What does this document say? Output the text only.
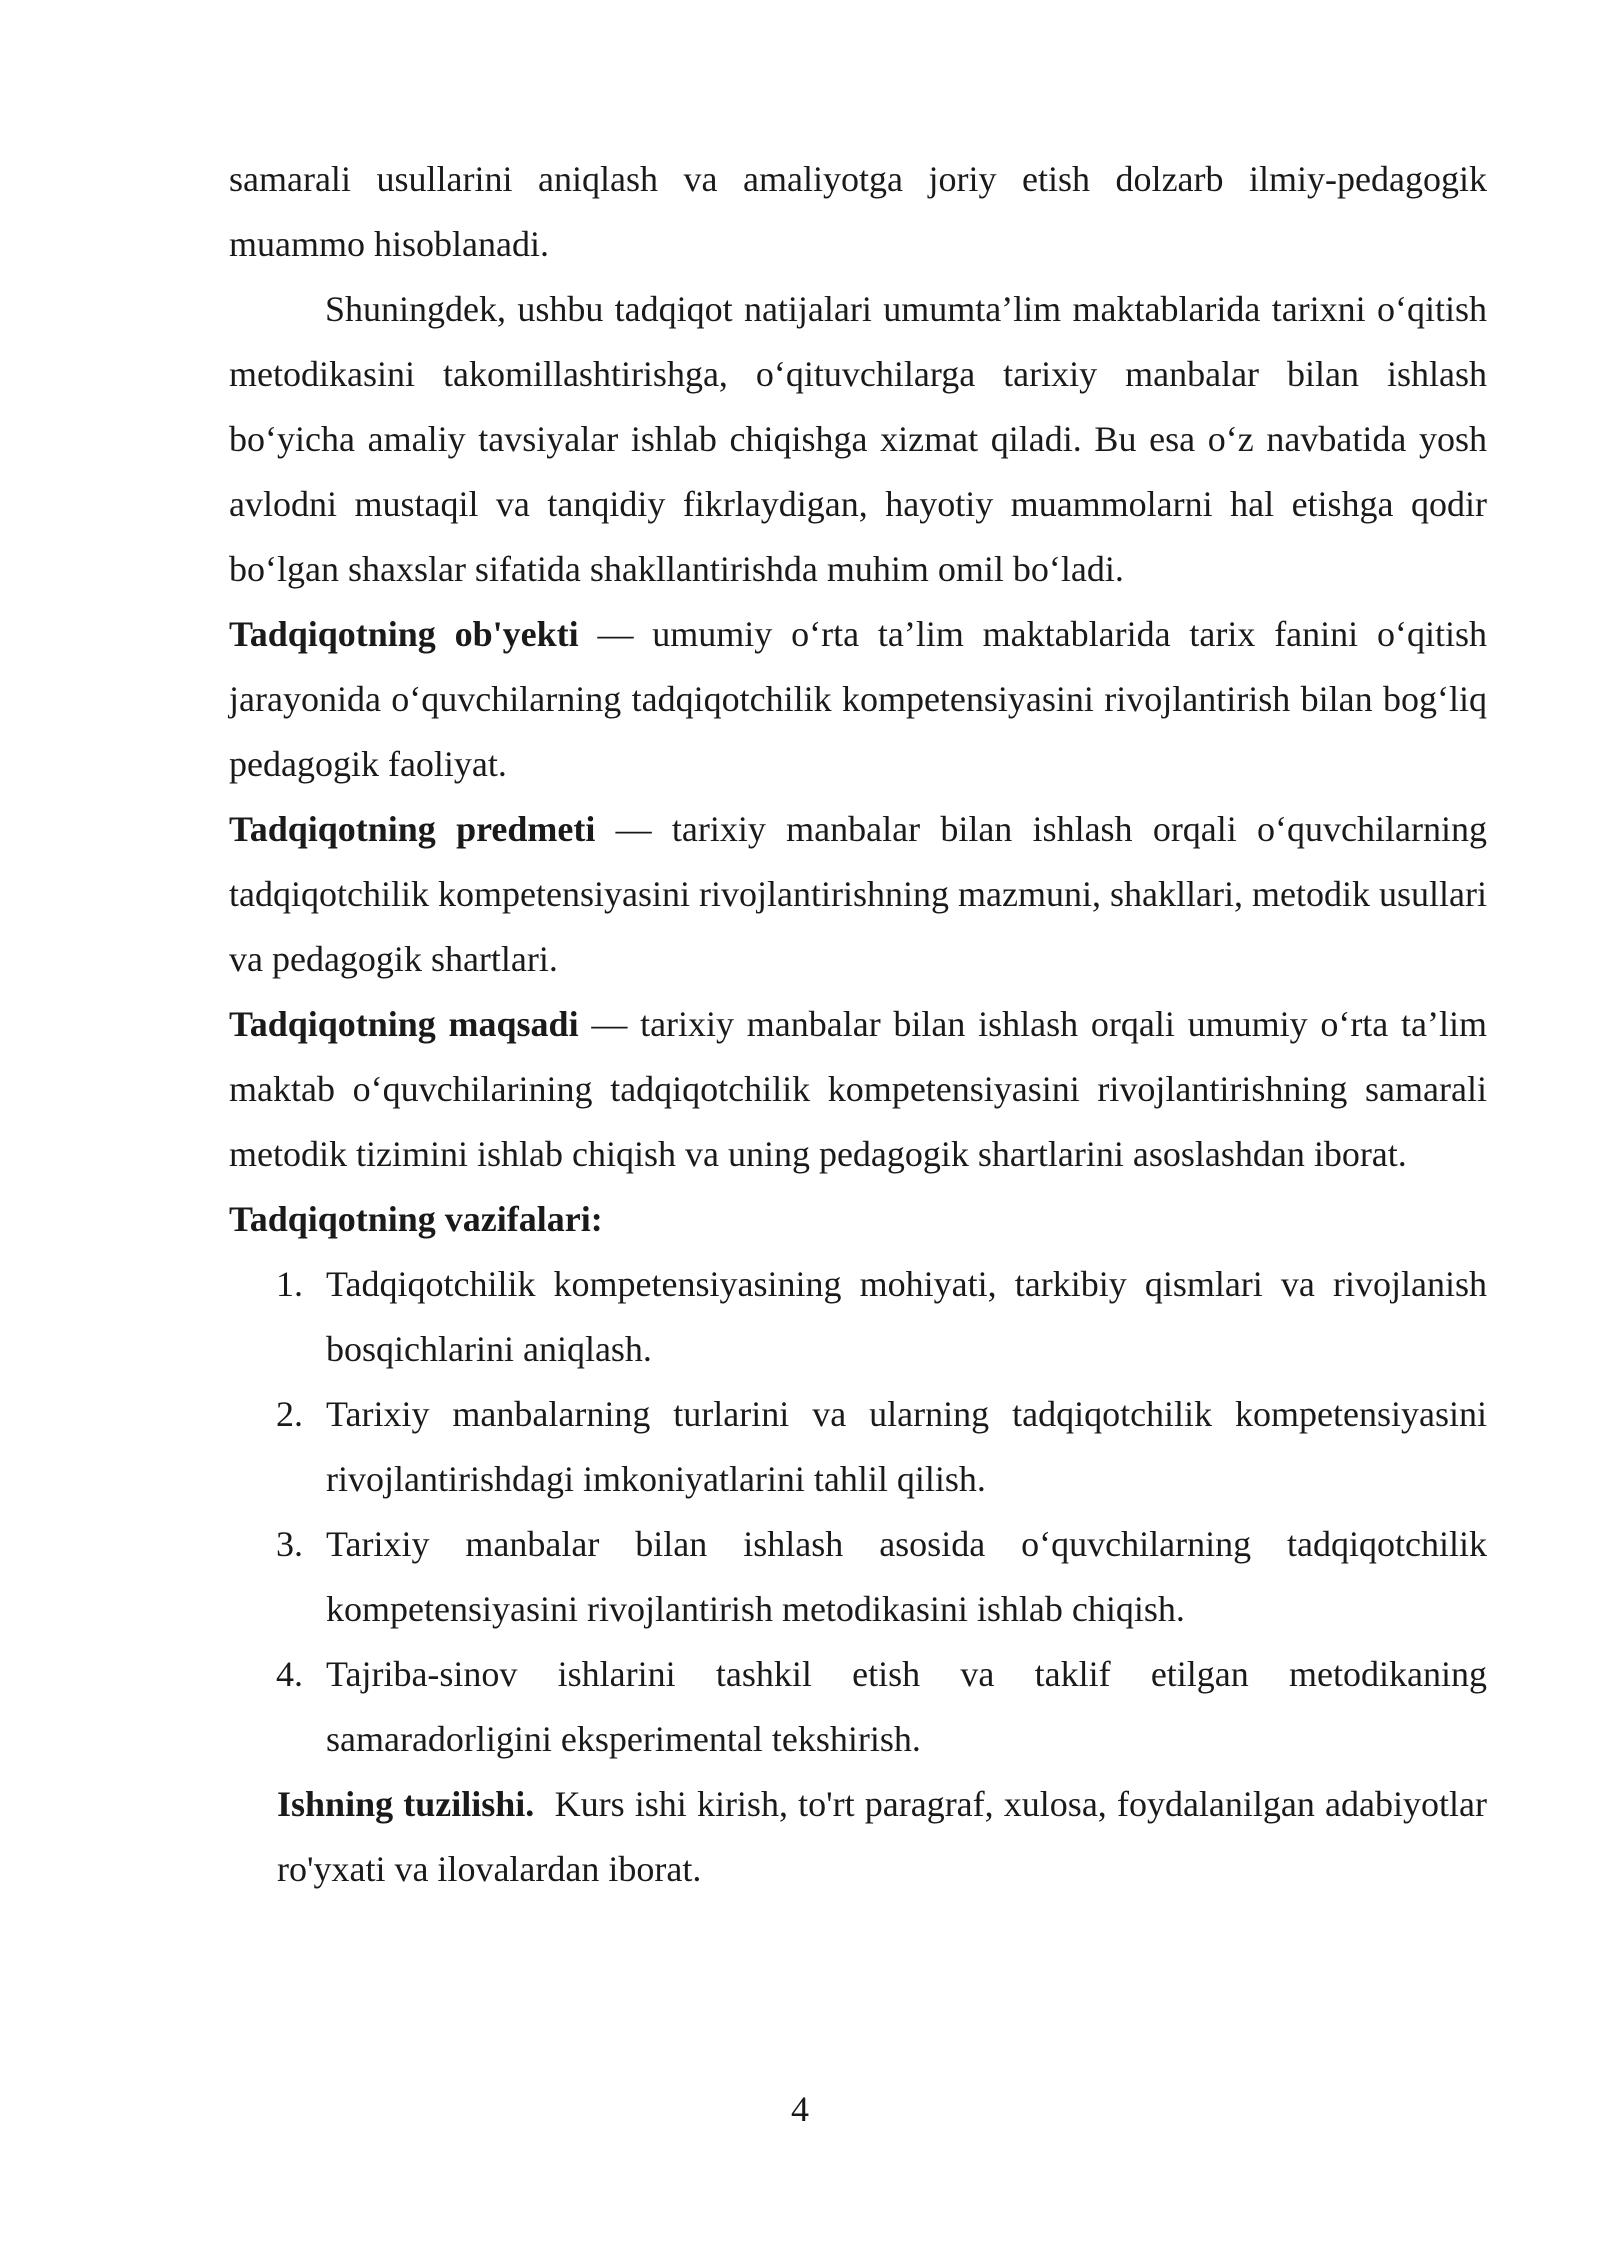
samarali usullarini aniqlash va amaliyotga joriy etish dolzarb ilmiy-pedagogik muammo hisoblanadi.

Shuningdek, ushbu tadqiqot natijalari umumta’lim maktablarida tarixni o‘qitish metodikasini takomillashtirishga, o‘qituvchilarga tarixiy manbalar bilan ishlash bo‘yicha amaliy tavsiyalar ishlab chiqishga xizmat qiladi. Bu esa o‘z navbatida yosh avlodni mustaqil va tanqidiy fikrlaydigan, hayotiy muammolarni hal etishga qodir bo‘lgan shaxslar sifatida shakllantirishda muhim omil bo‘ladi.

Tadqiqotning ob'yekti — umumiy o‘rta ta’lim maktablarida tarix fanini o‘qitish jarayonida o‘quvchilarning tadqiqotchilik kompetensiyasini rivojlantirish bilan bog‘liq pedagogik faoliyat.

Tadqiqotning predmeti — tarixiy manbalar bilan ishlash orqali o‘quvchilarning tadqiqotchilik kompetensiyasini rivojlantirishning mazmuni, shakllari, metodik usullari va pedagogik shartlari.

Tadqiqotning maqsadi — tarixiy manbalar bilan ishlash orqali umumiy o‘rta ta’lim maktab o‘quvchilarining tadqiqotchilik kompetensiyasini rivojlantirishning samarali metodik tizimini ishlab chiqish va uning pedagogik shartlarini asoslashdan iborat.

Tadqiqotning vazifalari:

1. Tadqiqotchilik kompetensiyasining mohiyati, tarkibiy qismlari va rivojlanish bosqichlarini aniqlash.
2. Tarixiy manbalarning turlarini va ularning tadqiqotchilik kompetensiyasini rivojlantirishdagi imkoniyatlarini tahlil qilish.
3. Tarixiy manbalar bilan ishlash asosida o‘quvchilarning tadqiqotchilik kompetensiyasini rivojlantirish metodikasini ishlab chiqish.
4. Tajriba-sinov ishlarini tashkil etish va taklif etilgan metodikaning samaradorligini eksperimental tekshirish.

Ishning tuzilishi.  Kurs ishi kirish, to'rt paragraf, xulosa, foydalanilgan adabiyotlar ro'yxati va ilovalardan iborat.

4
